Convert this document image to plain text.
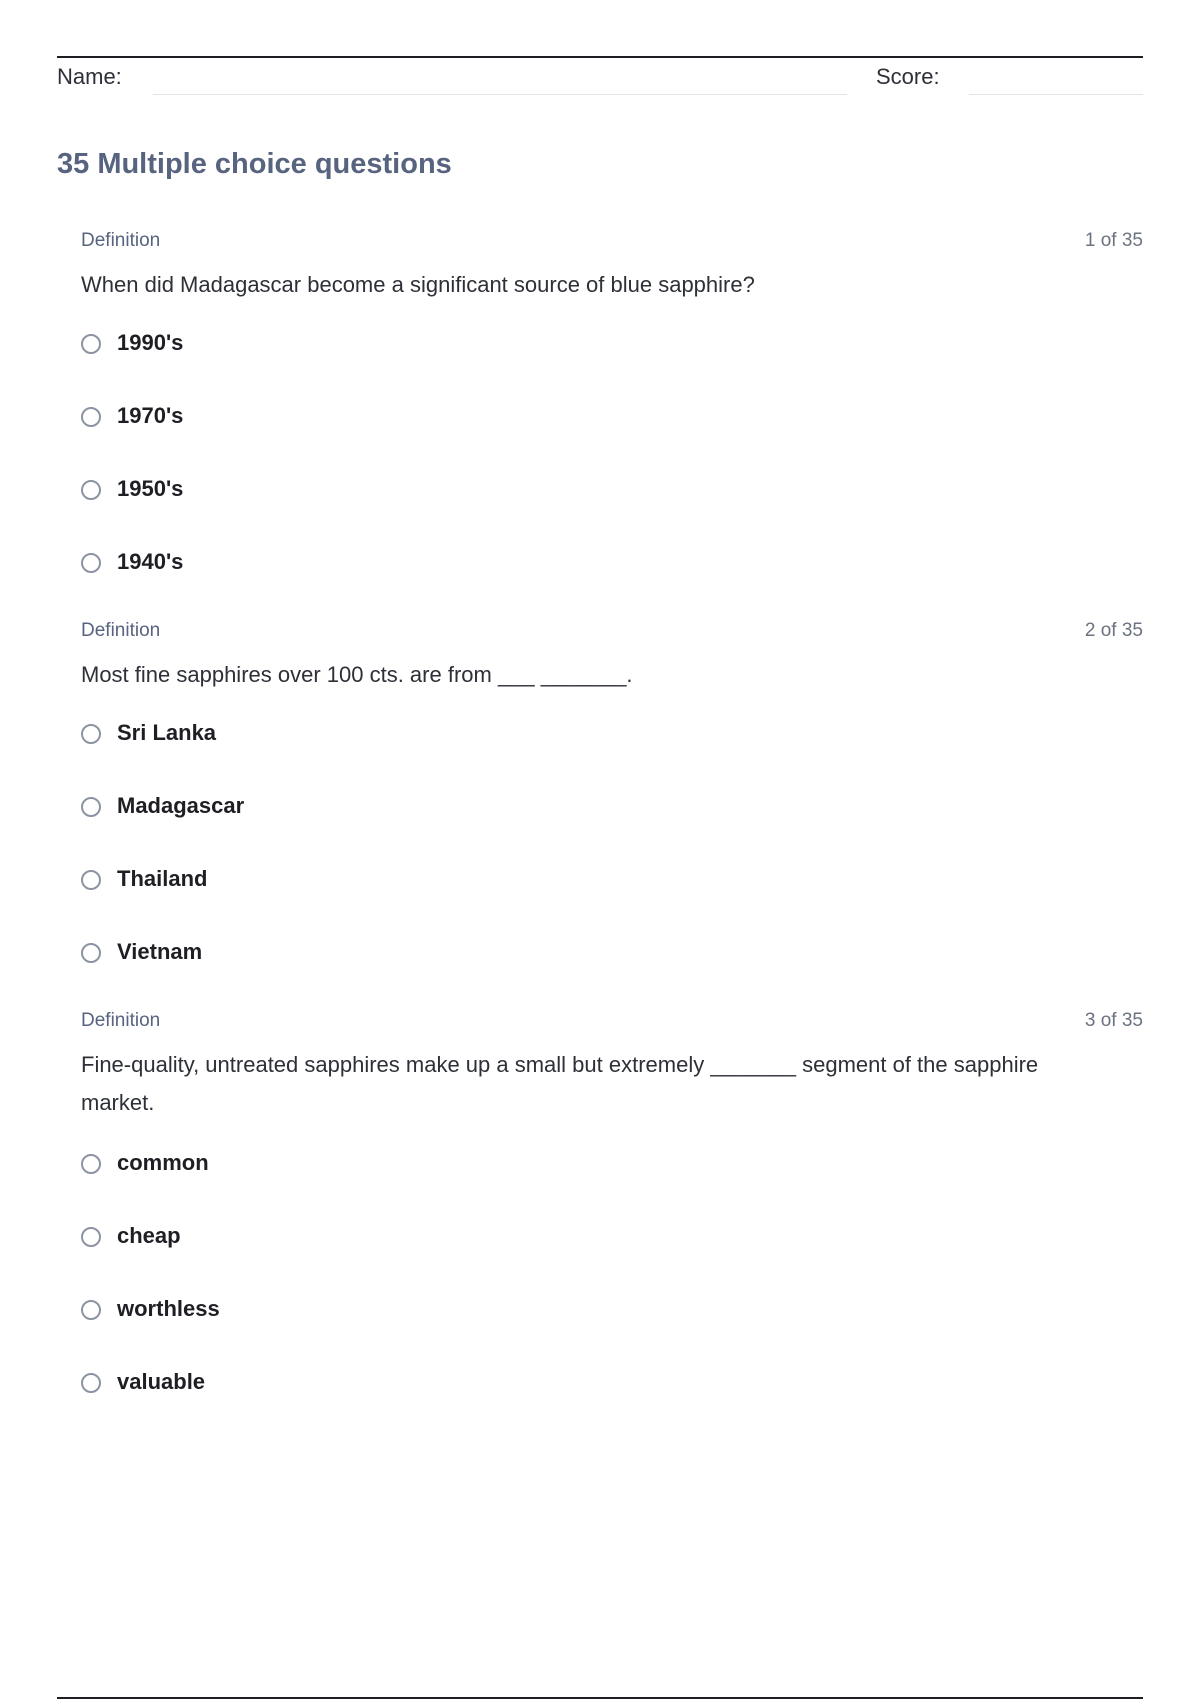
Name:	Score:
35 Multiple choice questions
Definition	1 of 35
When did Madagascar become a significant source of blue sapphire?
1990's
1970's
1950's
1940's
Definition	2 of 35
Most fine sapphires over 100 cts. are from ___ _______.
Sri Lanka
Madagascar
Thailand
Vietnam
Definition	3 of 35
Fine-quality, untreated sapphires make up a small but extremely _______ segment of the sapphire market.
common
cheap
worthless
valuable
